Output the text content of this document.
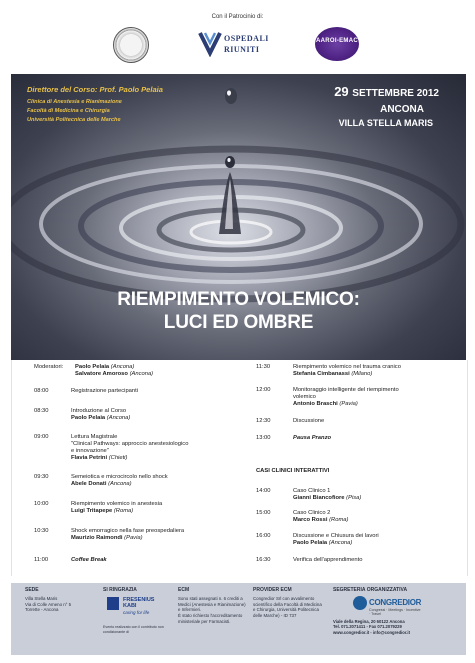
Con il Patrocinio di:
OSPEDALI
RIUNITI
AAROI-EMAC
Direttore del Corso: Prof. Paolo Pelaia
Clinica di Anestesia e Rianimazione
Facoltà di Medicina e Chirurgia
Università Politecnica delle Marche
29 SETTEMBRE 2012
ANCONA
VILLA STELLA MARIS
RIEMPIMENTO VOLEMICO:
LUCI ED OMBRE
Moderatori:	Paolo Pelaia (Ancona)
Salvatore Amoroso (Ancona)
08:00	Registrazione partecipanti
08:30	Introduzione al Corso
Paolo Pelaia (Ancona)
09:00	Lettura Magistrale
"Clinical Pathways: approccio anestesiologico
e innovazione"
Flavia Petrini (Chieti)
09:30	Semeiotica e microcircolo nello shock
Abele Donati (Ancona)
10:00	Riempimento volemico in anestesia
Luigi Tritapepe (Roma)
10:30	Shock emorragico nella fase preospedaliera
Maurizio Raimondi (Pavia)
11:00	Coffee Break
11:30	Riempimento volemico nel trauma cranico
Stefania Cimbanassi (Milano)
12:00	Monitoraggio intelligente del riempimento
volemico
Antonio Braschi (Pavia)
12:30	Discussione
13:00	Pausa Pranzo
CASI CLINICI INTERATTIVI
14:00	Caso Clinico 1
Gianni Biancofiore (Pisa)
15:00	Caso Clinico 2
Marco Rossi (Roma)
16:00	Discussione e Chiusura dei lavori
Paolo Pelaia (Ancona)
16:30	Verifica dell'apprendimento
SEDE
Villa Stella Maris
Via di Colle Ameno n° 5
Torrette - Ancona
SI RINGRAZIA
FRESENIUS
KABI
caring for life
Evento realizzato con il contributo non condizionante di
ECM
Sono stati assegnati n. 6 crediti a
Medici (Anestesia e Rianimazione)
e Infermieri.
È stato richiesto l'accreditamento
ministeriale per Farmacisti.
PROVIDER ECM
Congredior Srl con avvalimento
scientifico della Facoltà di Medicina
e Chirurgia, Università Politecnica
delle Marche) - ID 737
SEGRETERIA ORGANIZZATIVA
CONGREDIOR
Congressi · Meetings · Incentive · Travel
Viale della Regina, 20 60122 Ancona
Tel. 071.2071411 - Fax 071.2079229
www.congredior.it - info@congredior.it
